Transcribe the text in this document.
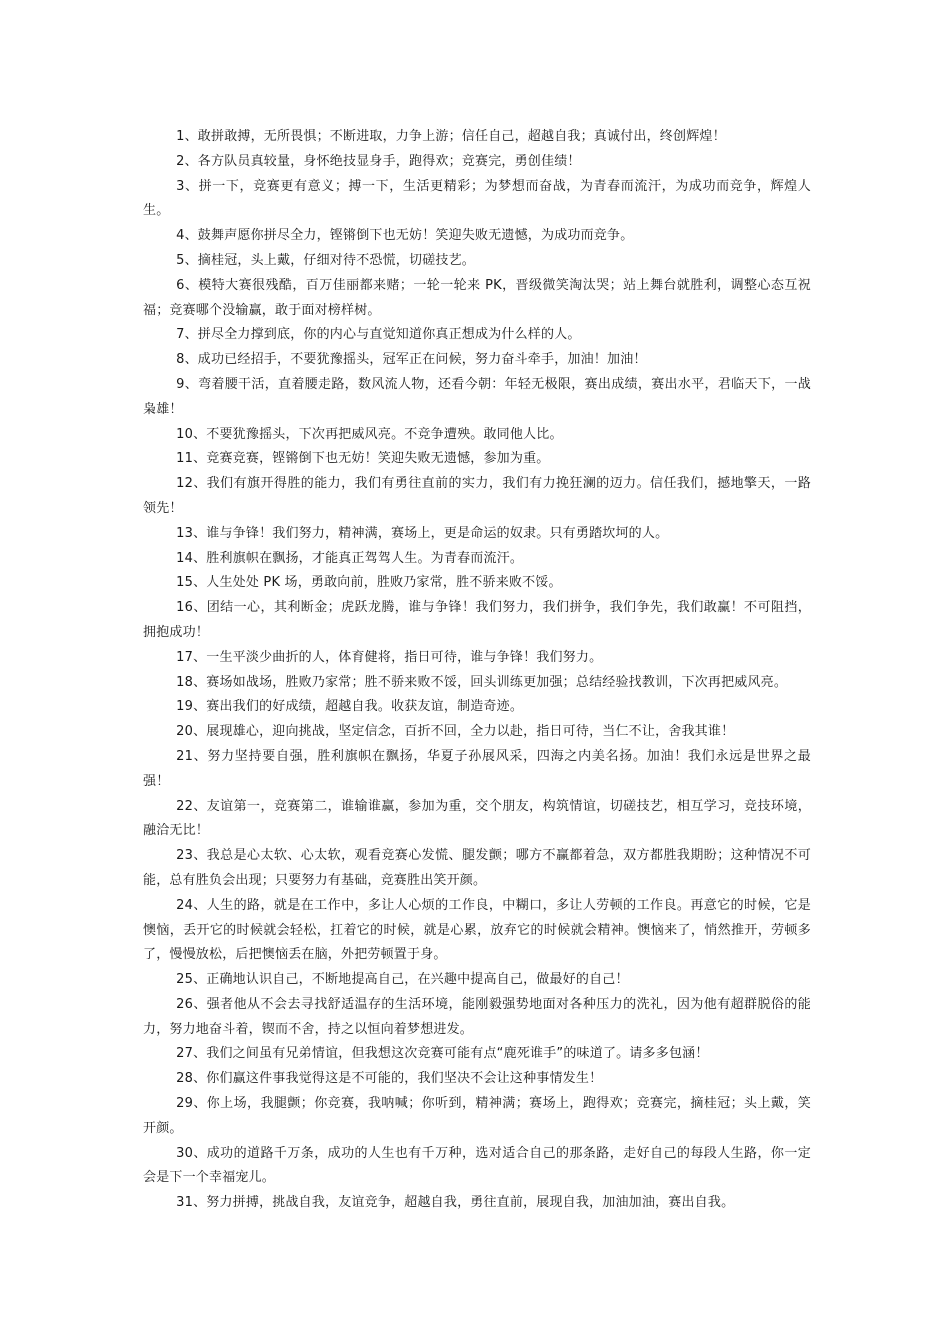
1、敢拼敢搏，无所畏惧；不断进取，力争上游；信任自己，超越自我；真诚付出，终创辉煌！

2、各方队员真较量，身怀绝技显身手，跑得欢；竞赛完，勇创佳绩！

3、拼一下，竞赛更有意义；搏一下，生活更精彩；为梦想而奋战，为青春而流汗，为成功而竞争，辉煌人生。

4、鼓舞声愿你拼尽全力，铿锵倒下也无妨！笑迎失败无遗憾，为成功而竞争。

5、摘桂冠，头上戴，仔细对待不恐慌，切磋技艺。

6、模特大赛很残酷，百万佳丽都来赌；一轮一轮来 PK，晋级微笑淘汰哭；站上舞台就胜利，调整心态互祝福；竞赛哪个没输赢，敢于面对榜样树。

7、拼尽全力撑到底，你的内心与直觉知道你真正想成为什么样的人。

8、成功已经招手，不要犹豫摇头，冠军正在问候，努力奋斗牵手，加油！加油！

9、弯着腰干活，直着腰走路，数风流人物，还看今朝：年轻无极限，赛出成绩，赛出水平，君临天下，一战枭雄！

10、不要犹豫摇头，下次再把威风亮。不竞争遭殃。敢同他人比。

11、竞赛竞赛，铿锵倒下也无妨！笑迎失败无遗憾，参加为重。

12、我们有旗开得胜的能力，我们有勇往直前的实力，我们有力挽狂澜的迈力。信任我们，撼地擎天，一路领先！

13、谁与争锋！我们努力，精神满，赛场上，更是命运的奴隶。只有勇踏坎坷的人。

14、胜利旗帜在飘扬，才能真正驾驾人生。为青春而流汗。

15、人生处处 PK 场，勇敢向前，胜败乃家常，胜不骄来败不馁。

16、团结一心，其利断金；虎跃龙腾，谁与争锋！我们努力，我们拼争，我们争先，我们敢赢！不可阻挡，拥抱成功！

17、一生平淡少曲折的人，体育健将，指日可待，谁与争锋！我们努力。

18、赛场如战场，胜败乃家常；胜不骄来败不馁，回头训练更加强；总结经验找教训，下次再把威风亮。

19、赛出我们的好成绩，超越自我。收获友谊，制造奇迹。

20、展现雄心，迎向挑战，坚定信念，百折不回，全力以赴，指日可待，当仁不让，舍我其谁！

21、努力坚持要自强，胜利旗帜在飘扬，华夏子孙展风采，四海之内美名扬。加油！我们永远是世界之最强！

22、友谊第一，竞赛第二，谁输谁赢，参加为重，交个朋友，构筑情谊，切磋技艺，相互学习，竞技环境，融洽无比！

23、我总是心太软、心太软，观看竞赛心发慌、腿发颤；哪方不赢都着急，双方都胜我期盼；这种情况不可能，总有胜负会出现；只要努力有基础，竞赛胜出笑开颜。

24、人生的路，就是在工作中，多让人心烦的工作良，中糊口，多让人劳顿的工作良。再意它的时候，它是懊恼，丢开它的时候就会轻松，扛着它的时候，就是心累，放弃它的时候就会精神。懊恼来了，悄然推开，劳顿多了，慢慢放松，后把懊恼丢在脑，外把劳顿置于身。

25、正确地认识自己，不断地提高自己，在兴趣中提高自己，做最好的自己！

26、强者他从不会去寻找舒适温存的生活环境，能刚毅强势地面对各种压力的洗礼，因为他有超群脱俗的能力，努力地奋斗着，锲而不舍，持之以恒向着梦想进发。

27、我们之间虽有兄弟情谊，但我想这次竞赛可能有点“鹿死谁手”的味道了。请多多包涵！

28、你们赢这件事我觉得这是不可能的，我们坚决不会让这种事情发生！

29、你上场，我腿颤；你竞赛，我呐喊；你听到，精神满；赛场上，跑得欢；竞赛完，摘桂冠；头上戴，笑开颜。

30、成功的道路千万条，成功的人生也有千万种，选对适合自己的那条路，走好自己的每段人生路，你一定会是下一个幸福宠儿。

31、努力拼搏，挑战自我，友谊竞争，超越自我，勇往直前，展现自我，加油加油，赛出自我。
